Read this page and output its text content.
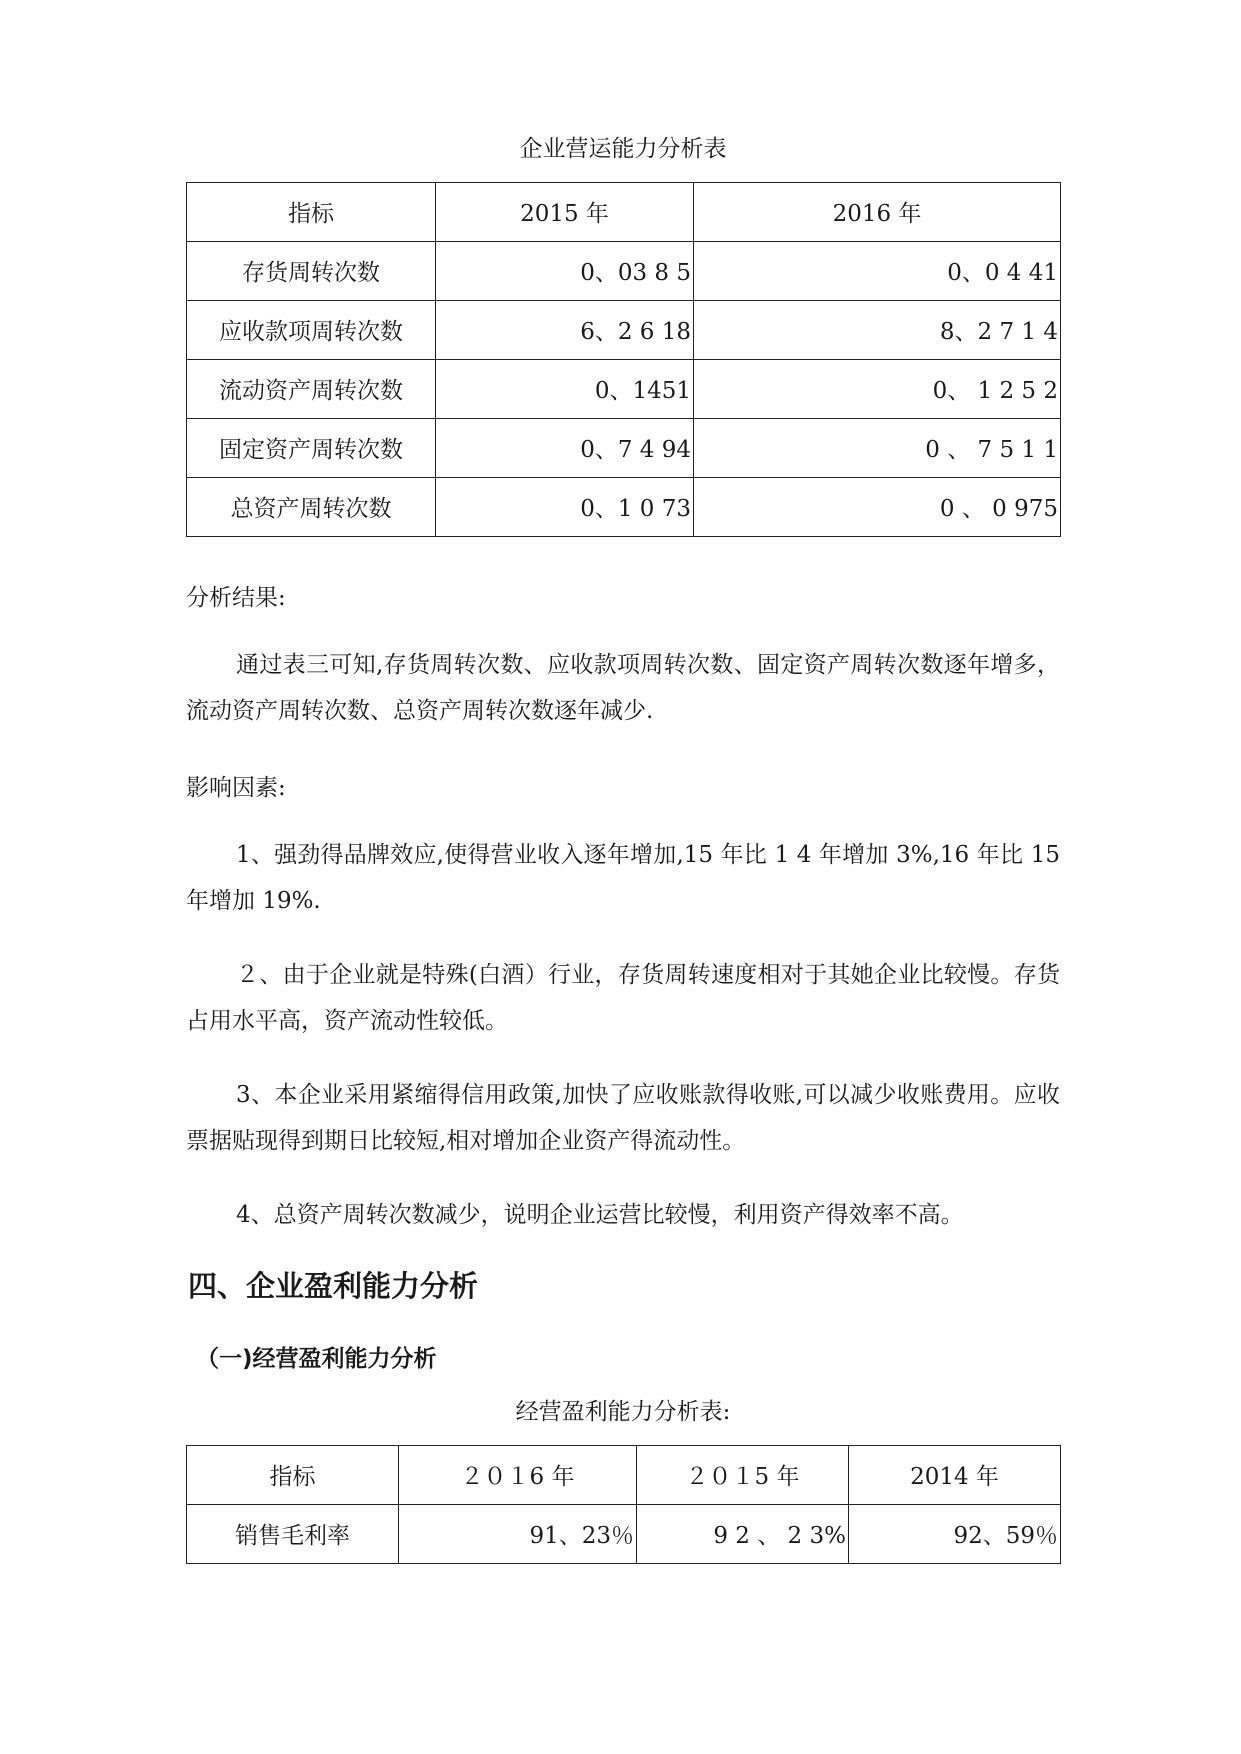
企业营运能力分析表
指标	2015 年	2016 年
存货周转次数	0、03 8 5	0、0 4 41
应收款项周转次数	6、2 6 18	8、2 7 1 4
流动资产周转次数	0、1451	0、 1 2 5 2
固定资产周转次数	0、7 4 94	0 、 7 5 1 1
总资产周转次数	0、1 0 73	0 、 0 975
分析结果:
通过表三可知,存货周转次数、应收款项周转次数、固定资产周转次数逐年增多，流动资产周转次数、总资产周转次数逐年减少.
影响因素:
1、强劲得品牌效应,使得营业收入逐年增加,15 年比 1 4 年增加 3%,16 年比 15 年增加 19%.
２、由于企业就是特殊(白酒）行业，存货周转速度相对于其她企业比较慢。存货占用水平高，资产流动性较低。
3、本企业采用紧缩得信用政策,加快了应收账款得收账,可以减少收账费用。应收票据贴现得到期日比较短,相对增加企业资产得流动性。
4、总资产周转次数减少，说明企业运营比较慢，利用资产得效率不高。
四、企业盈利能力分析
（一)经营盈利能力分析
经营盈利能力分析表:
指标	２０１6 年	２０１5 年	2014 年
销售毛利率	91、23％	9 2 、 2 3%	92、59％
